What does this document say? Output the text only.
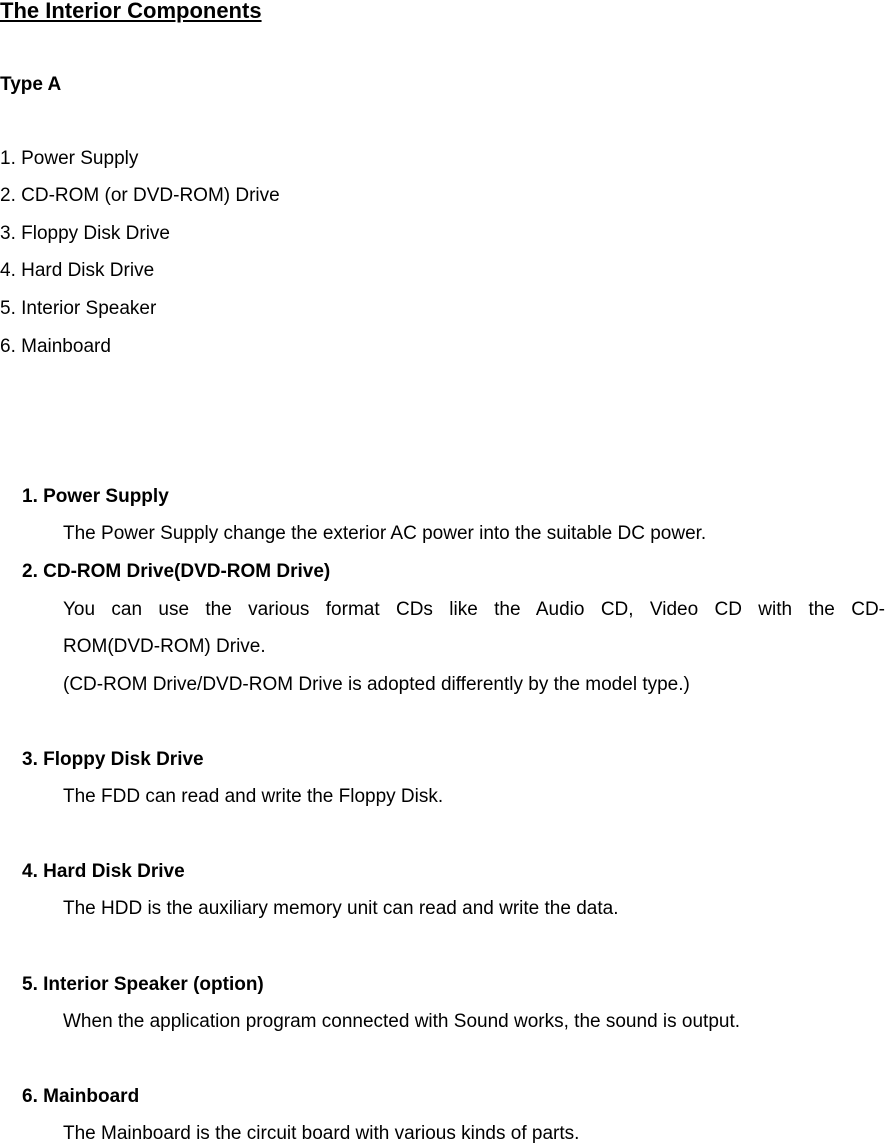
The Interior Components
Type A
1. Power Supply
2. CD-ROM (or DVD-ROM) Drive
3. Floppy Disk Drive
4. Hard Disk Drive
5. Interior Speaker
6. Mainboard
1. Power Supply
The Power Supply change the exterior AC power into the suitable DC power.
2. CD-ROM Drive(DVD-ROM Drive)
You can use the various format CDs like the Audio CD, Video CD with the CD-
ROM(DVD-ROM) Drive.
(CD-ROM Drive/DVD-ROM Drive is adopted differently by the model type.)
3. Floppy Disk Drive
The FDD can read and write the Floppy Disk.
4. Hard Disk Drive
The HDD is the auxiliary memory unit can read and write the data.
5. Interior Speaker (option)
When the application program connected with Sound works, the sound is output.
6. Mainboard
The Mainboard is the circuit board with various kinds of parts.
